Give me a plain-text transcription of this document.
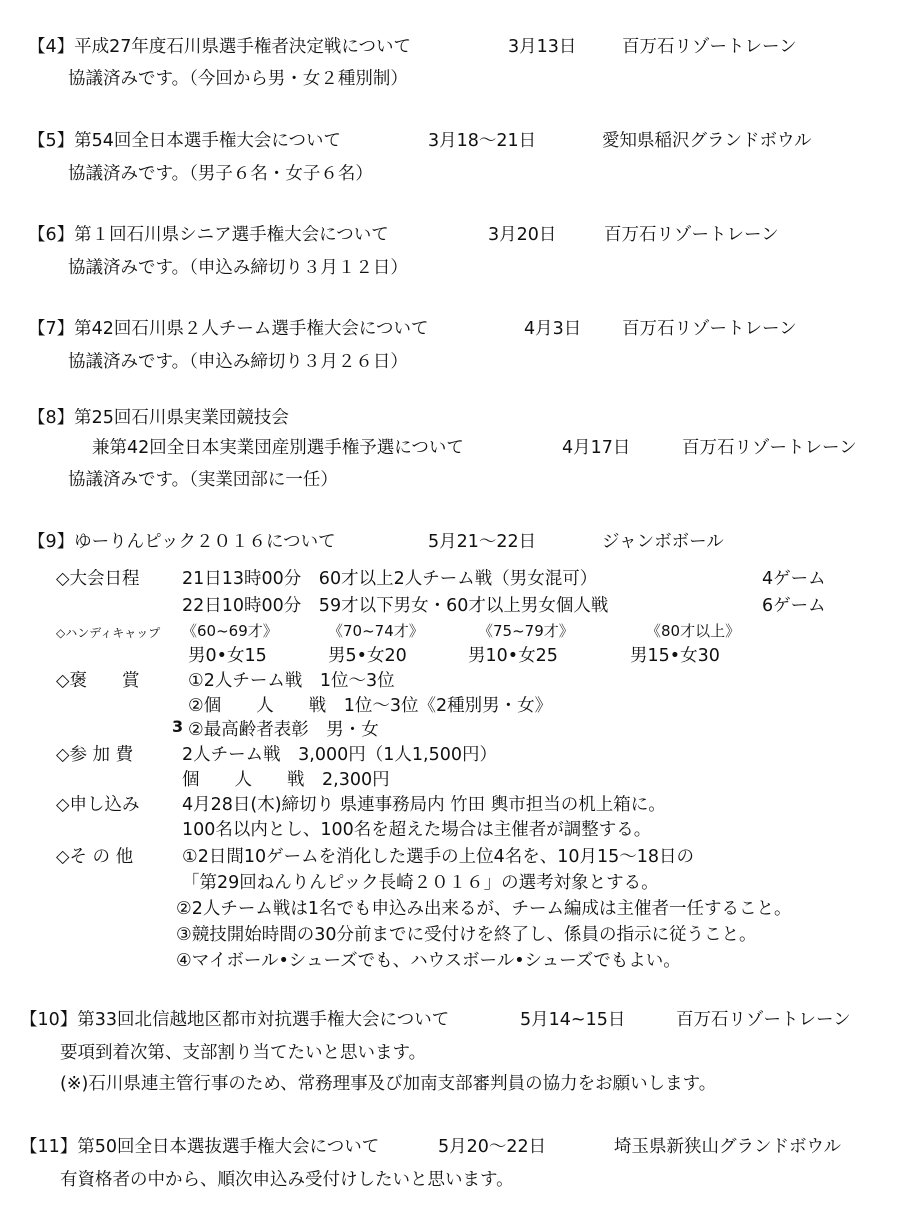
【4】平成27年度石川県選手権者決定戦について	3月13日	百万石リゾートレーン
協議済みです。（今回から男・女２種別制）
【5】第54回全日本選手権大会について	3月18～21日	愛知県稲沢グランドボウル
協議済みです。（男子６名・女子６名）
【6】第１回石川県シニア選手権大会について	3月20日	百万石リゾートレーン
協議済みです。（申込み締切り３月１２日）
【7】第42回石川県２人チーム選手権大会について	4月3日 百万石リゾートレーン
協議済みです。（申込み締切り３月２６日）
【8】第25回石川県実業団競技会
兼第42回全日本実業団産別選手権予選について	4月17日	百万石リゾートレーン
協議済みです。（実業団部に一任）
【9】ゆーりんピック２０１６について	5月21～22日	ジャンボボール
◇大会日程 21日13時00分　60才以上2人チーム戦（男女混可）	4ゲーム
22日10時00分　59才以下男女・60才以上男女個人戦	6ゲーム
◇ハンディキャップ 《60~69才》	《70~74才》	《75~79才》	《80才以上》
男0•女15	男5•女20	男10•女25	男15•女30
◇褒　　賞	①2人チーム戦　1位～3位
②個　　人　　戦　1位～3位《2種別男・女》
3 ②最高齢者表彰　男・女
◇参 加 費	2人チーム戦　3,000円（1人1,500円）
個　　人　　戦　2,300円
◇申し込み 4月28日(木)締切り 県連事務局内 竹田 輿市担当の机上箱に。
100名以内とし、100名を超えた場合は主催者が調整する。
◇そ の 他	①2日間10ゲームを消化した選手の上位4名を、10月15～18日の
「第29回ねんりんピック長崎２０１６」の選考対象とする。
②2人チーム戦は1名でも申込み出来るが、チーム編成は主催者一任すること。
③競技開始時間の30分前までに受付けを終了し、係員の指示に従うこと。
④マイボール•シューズでも、ハウスボール•シューズでもよい。
【10】第33回北信越地区都市対抗選手権大会について	5月14~15日	百万石リゾートレーン
要項到着次第、支部割り当てたいと思います。
(※)石川県連主管行事のため、常務理事及び加南支部審判員の協力をお願いします。
【11】第50回全日本選抜選手権大会について	5月20～22日	埼玉県新狭山グランドボウル
有資格者の中から、順次申込み受付けしたいと思います。
